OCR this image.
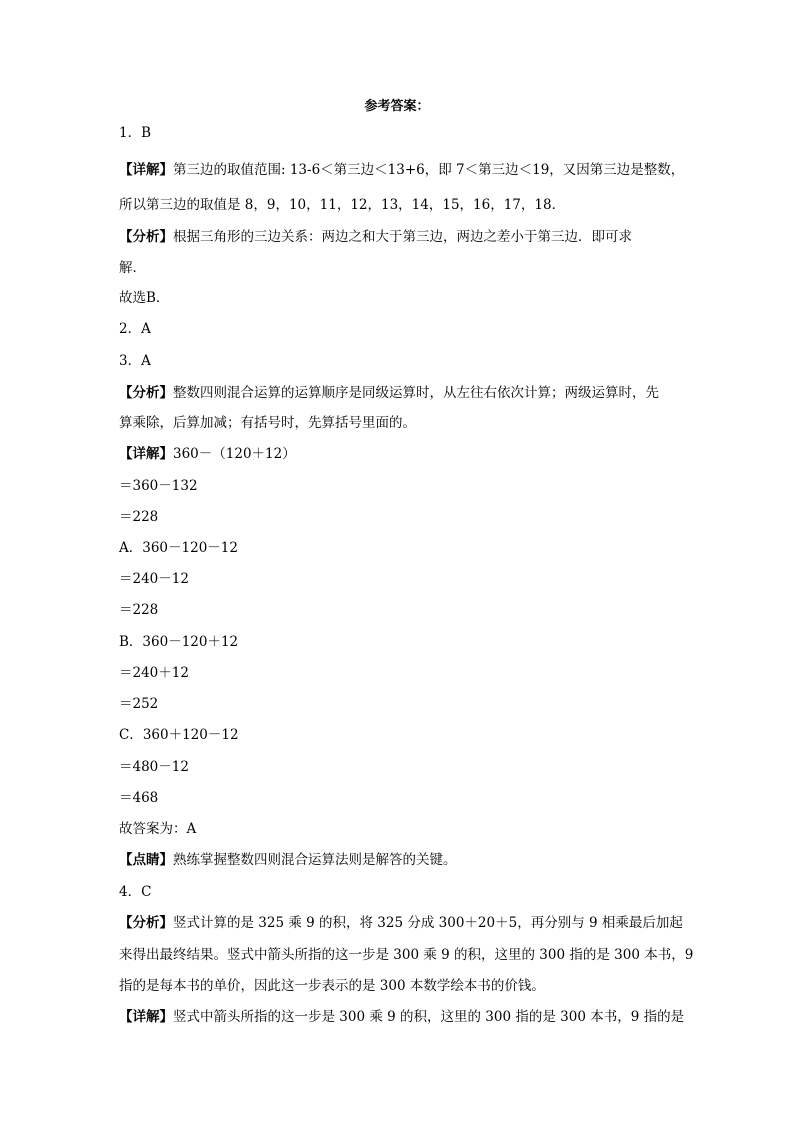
参考答案：
1．B
【详解】第三边的取值范围: 13-6＜第三边＜13+6，即 7＜第三边＜19，又因第三边是整数，
所以第三边的取值是 8，9，10，11，12，13，14，15，16，17，18．
【分析】根据三角形的三边关系：两边之和大于第三边，两边之差小于第三边．即可求
解．
故选B．
2．A
3．A
【分析】整数四则混合运算的运算顺序是同级运算时，从左往右依次计算；两级运算时，先
算乘除，后算加减；有括号时，先算括号里面的。
【详解】360－（120＋12）
＝360－132
＝228
A．360－120－12
＝240－12
＝228
B．360－120＋12
＝240＋12
＝252
C．360＋120－12
＝480－12
＝468
故答案为：A
【点睛】熟练掌握整数四则混合运算法则是解答的关键。
4．C
【分析】竖式计算的是 325 乘 9 的积，将 325 分成 300＋20＋5，再分别与 9 相乘最后加起
来得出最终结果。竖式中箭头所指的这一步是 300 乘 9 的积，这里的 300 指的是 300 本书，9
指的是每本书的单价，因此这一步表示的是 300 本数学绘本书的价钱。
【详解】竖式中箭头所指的这一步是 300 乘 9 的积，这里的 300 指的是 300 本书，9 指的是
